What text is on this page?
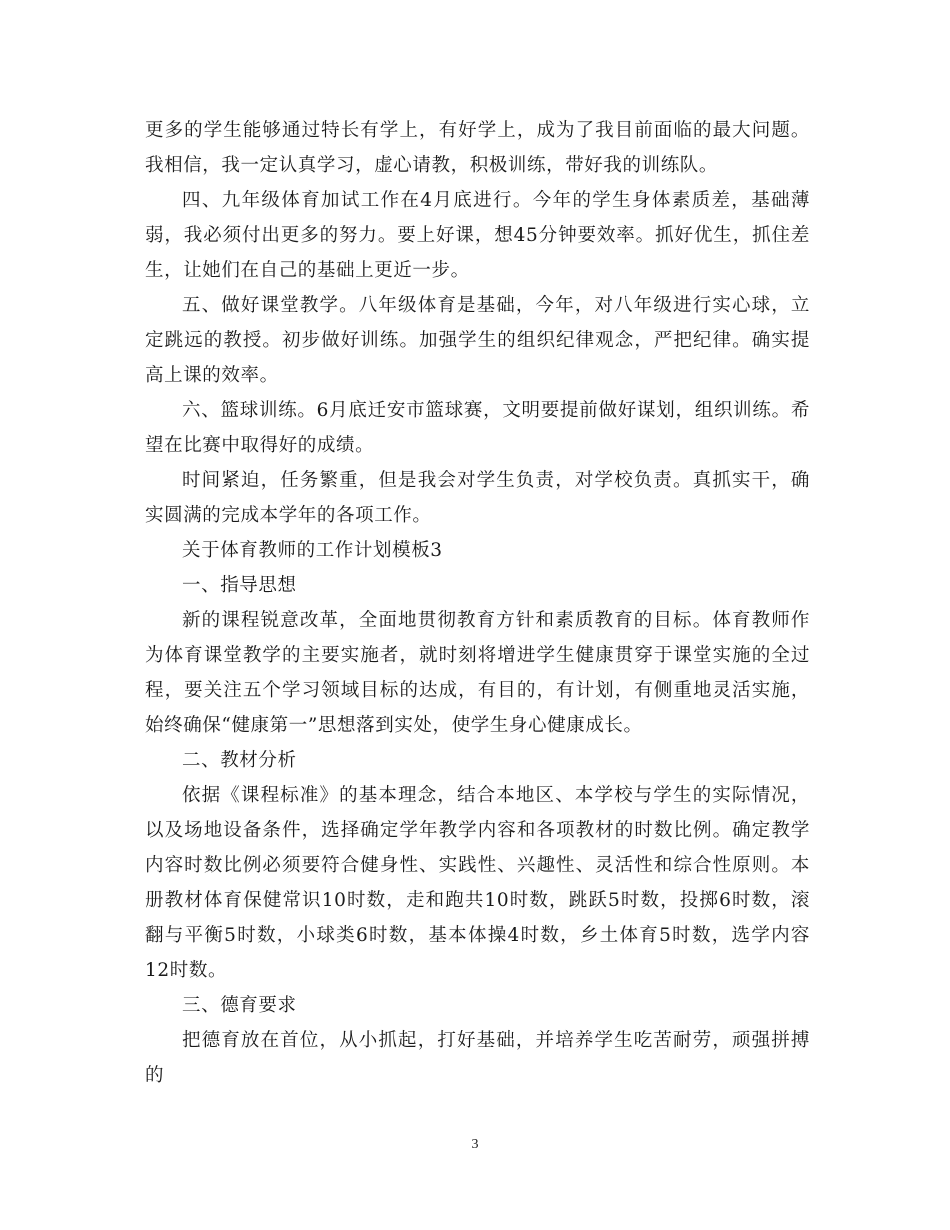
更多的学生能够通过特长有学上，有好学上，成为了我目前面临的最大问题。我相信，我一定认真学习，虚心请教，积极训练，带好我的训练队。

四、九年级体育加试工作在4月底进行。今年的学生身体素质差，基础薄弱，我必须付出更多的努力。要上好课，想45分钟要效率。抓好优生，抓住差生，让她们在自己的基础上更近一步。

五、做好课堂教学。八年级体育是基础，今年，对八年级进行实心球，立定跳远的教授。初步做好训练。加强学生的组织纪律观念，严把纪律。确实提高上课的效率。

六、篮球训练。6月底迁安市篮球赛，文明要提前做好谋划，组织训练。希望在比赛中取得好的成绩。

时间紧迫，任务繁重，但是我会对学生负责，对学校负责。真抓实干，确实圆满的完成本学年的各项工作。

关于体育教师的工作计划模板3

一、指导思想

新的课程锐意改革，全面地贯彻教育方针和素质教育的目标。体育教师作为体育课堂教学的主要实施者，就时刻将增进学生健康贯穿于课堂实施的全过程，要关注五个学习领域目标的达成，有目的，有计划，有侧重地灵活实施，始终确保“健康第一”思想落到实处，使学生身心健康成长。

二、教材分析

依据《课程标准》的基本理念，结合本地区、本学校与学生的实际情况，以及场地设备条件，选择确定学年教学内容和各项教材的时数比例。确定教学内容时数比例必须要符合健身性、实践性、兴趣性、灵活性和综合性原则。本册教材体育保健常识10时数，走和跑共10时数，跳跃5时数，投掷6时数，滚翻与平衡5时数，小球类6时数，基本体操4时数，乡土体育5时数，选学内容12时数。

三、德育要求

把德育放在首位，从小抓起，打好基础，并培养学生吃苦耐劳，顽强拼搏的

3
